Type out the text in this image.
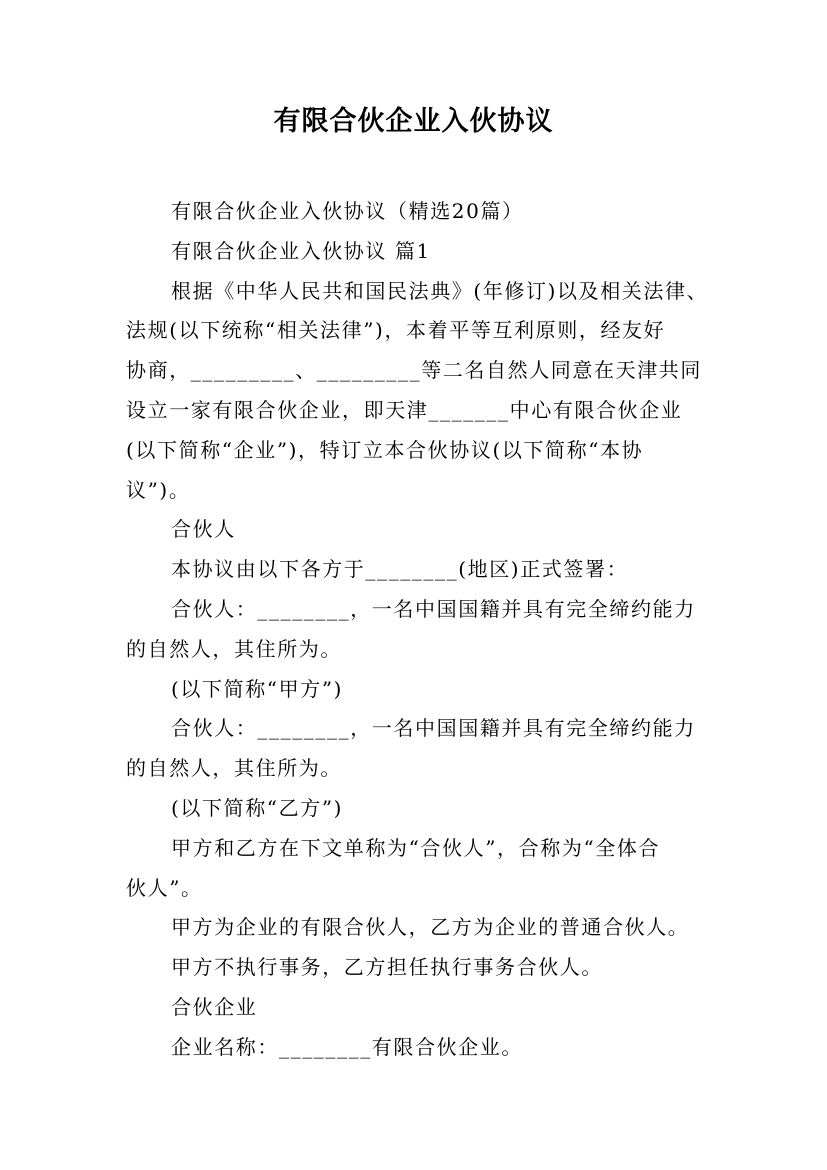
有限合伙企业入伙协议

有限合伙企业入伙协议（精选20篇）

有限合伙企业入伙协议 篇1

根据《中华人民共和国民法典》(年修订)以及相关法律、

法规(以下统称“相关法律”)，本着平等互利原则，经友好

协商，_________、_________等二名自然人同意在天津共同

设立一家有限合伙企业，即天津_______中心有限合伙企业

(以下简称“企业”)，特订立本合伙协议(以下简称“本协

议”)。

合伙人

本协议由以下各方于________(地区)正式签署：

合伙人：________，一名中国国籍并具有完全缔约能力

的自然人，其住所为。

(以下简称“甲方”)

合伙人：________，一名中国国籍并具有完全缔约能力

的自然人，其住所为。

(以下简称“乙方”)

甲方和乙方在下文单称为“合伙人”，合称为“全体合

伙人”。

甲方为企业的有限合伙人，乙方为企业的普通合伙人。

甲方不执行事务，乙方担任执行事务合伙人。

合伙企业

企业名称：________有限合伙企业。
